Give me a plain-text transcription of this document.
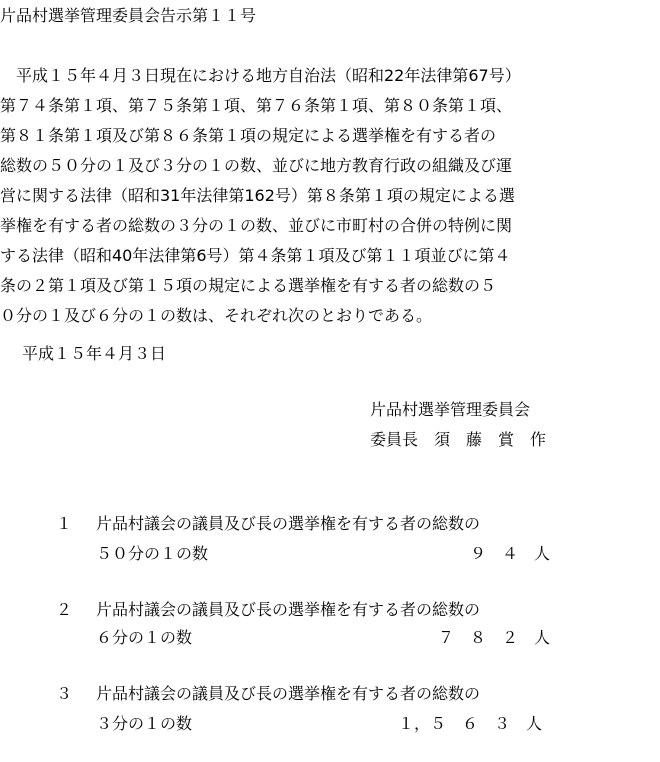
片品村選挙管理委員会告示第１１号
　平成１５年４月３日現在における地方自治法（昭和22年法律第67号）
第７４条第１項、第７５条第１項、第７６条第１項、第８０条第１項、
第８１条第１項及び第８６条第１項の規定による選挙権を有する者の
総数の５０分の１及び３分の１の数、並びに地方教育行政の組織及び運
営に関する法律（昭和31年法律第162号）第８条第１項の規定による選
挙権を有する者の総数の３分の１の数、並びに市町村の合併の特例に関
する法律（昭和40年法律第6号）第４条第１項及び第１１項並びに第４
条の２第１項及び第１５項の規定による選挙権を有する者の総数の５
０分の１及び６分の１の数は、それぞれ次のとおりである。
平成１５年４月３日
片品村選挙管理委員会
委員長　須　藤　賞　作
１ 片品村議会の議員及び長の選挙権を有する者の総数の
５０分の１の数	９　４　人
２ 片品村議会の議員及び長の選挙権を有する者の総数の
６分の１の数	７　８　２　人
３ 片品村議会の議員及び長の選挙権を有する者の総数の
３分の１の数	１，５　６　３　人
